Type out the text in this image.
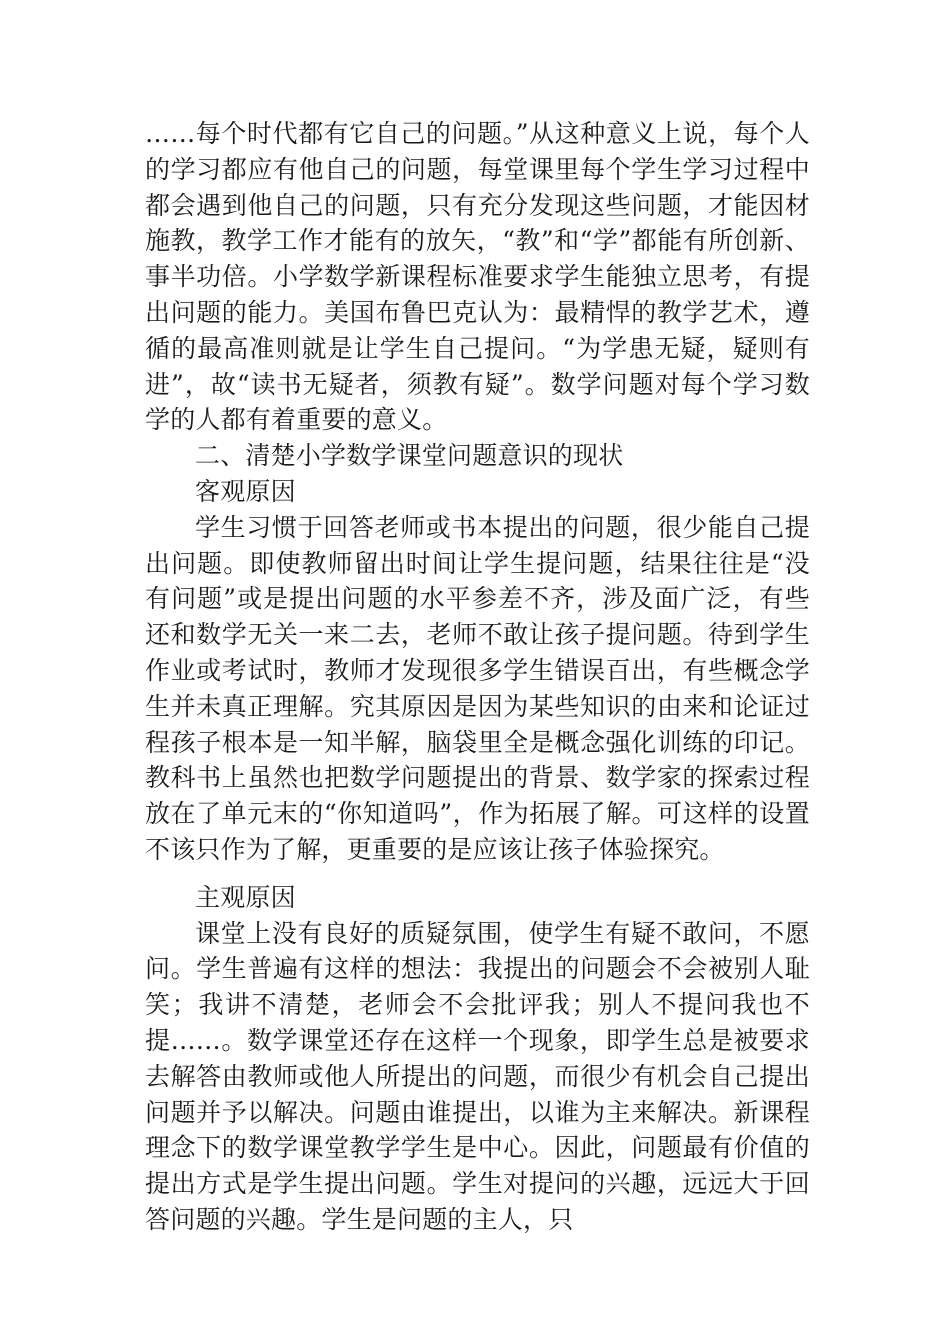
……每个时代都有它自己的问题。”从这种意义上说，每个人的学习都应有他自己的问题，每堂课里每个学生学习过程中都会遇到他自己的问题，只有充分发现这些问题，才能因材施教，教学工作才能有的放矢，“教”和“学”都能有所创新、事半功倍。小学数学新课程标准要求学生能独立思考，有提出问题的能力。美国布鲁巴克认为：最精悍的教学艺术，遵循的最高准则就是让学生自己提问。“为学患无疑，疑则有进”，故“读书无疑者，须教有疑”。数学问题对每个学习数学的人都有着重要的意义。

二、清楚小学数学课堂问题意识的现状

客观原因

学生习惯于回答老师或书本提出的问题，很少能自己提出问题。即使教师留出时间让学生提问题，结果往往是“没有问题”或是提出问题的水平参差不齐，涉及面广泛，有些还和数学无关一来二去，老师不敢让孩子提问题。待到学生作业或考试时，教师才发现很多学生错误百出，有些概念学生并未真正理解。究其原因是因为某些知识的由来和论证过程孩子根本是一知半解，脑袋里全是概念强化训练的印记。教科书上虽然也把数学问题提出的背景、数学家的探索过程放在了单元末的“你知道吗”，作为拓展了解。可这样的设置 不该只作为了解，更重要的是应该让孩子体验探究。

主观原因

课堂上没有良好的质疑氛围，使学生有疑不敢问，不愿问。学生普遍有这样的想法：我提出的问题会不会被别人耻笑；我讲不清楚，老师会不会批评我；别人不提问我也不提……。数学课堂还存在这样一个现象，即学生总是被要求去解答由教师或他人所提出的问题，而很少有机会自己提出问题并予以解决。问题由谁提出，以谁为主来解决。新课程理念下的数学课堂教学学生是中心。因此，问题最有价值的提出方式是学生提出问题。学生对提问的兴趣，远远大于回答问题的兴趣。学生是问题的主人，只
